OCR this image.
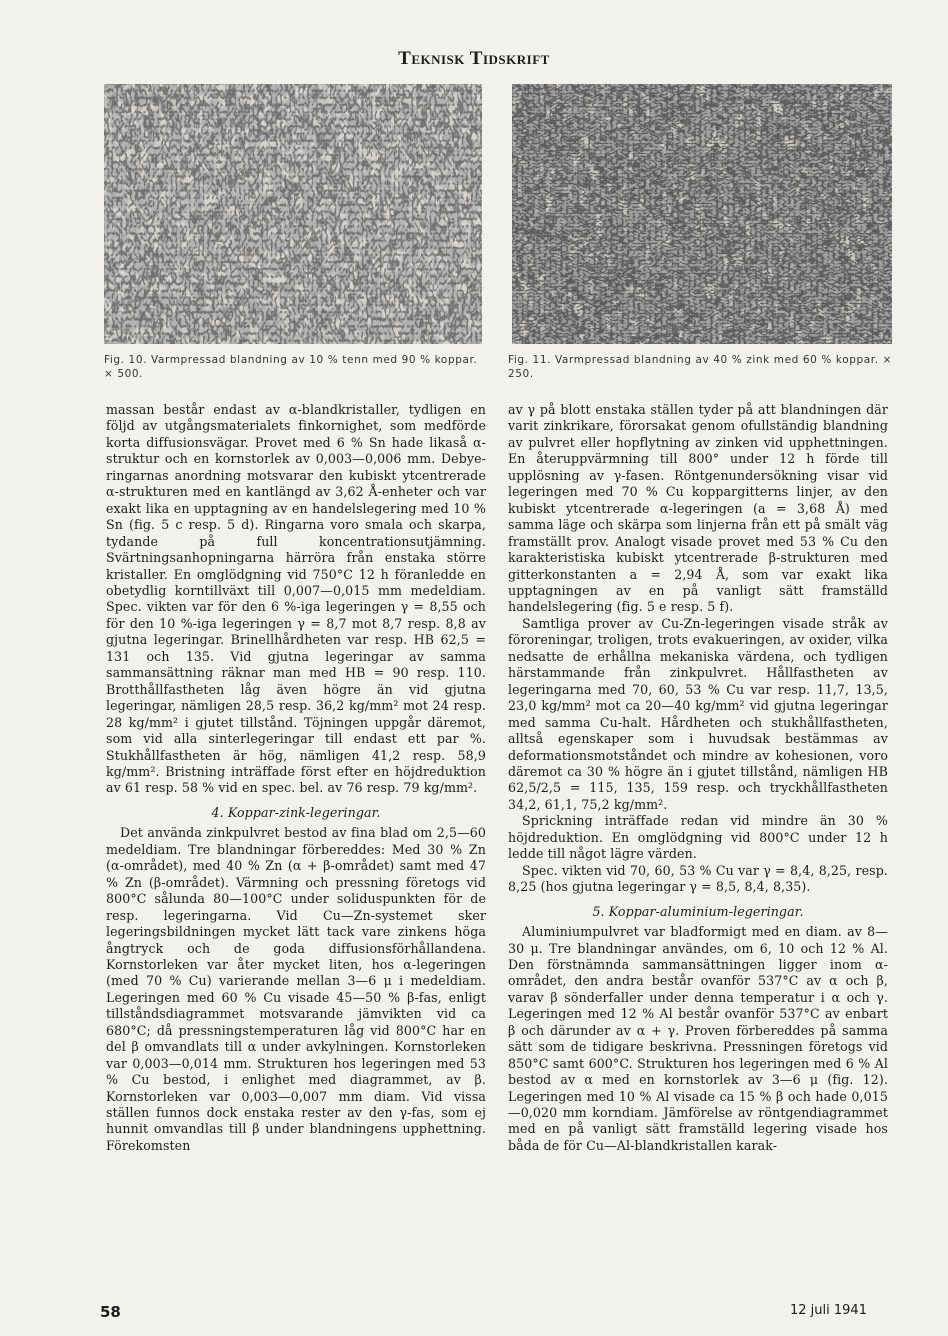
Teknisk Tidskrift
Fig. 10. Varmpressad blandning av 10 % tenn med 90 % koppar. × 500.
Fig. 11. Varmpressad blandning av 40 % zink med 60 % koppar. × 250.

massan består endast av α-blandkristaller, tydligen en följd av utgångsmaterialets finkornighet, som medförde korta diffusionsvägar. Provet med 6 % Sn hade likaså α-struktur och en kornstorlek av 0,003—0,006 mm. Debye-ringarnas anordning motsvarar den kubiskt ytcentrerade α-strukturen med en kantlängd av 3,62 Å-enheter och var exakt lika en upptagning av en handelslegering med 10 % Sn (fig. 5 c resp. 5 d). Ringarna voro smala och skarpa, tydande på full koncentrationsutjämning. Svärtningsanhopningarna härröra från enstaka större kristaller. En omglödgning vid 750°C 12 h föranledde en obetydlig korntillväxt till 0,007—0,015 mm medeldiam. Spec. vikten var för den 6 %-iga legeringen γ = 8,55 och för den 10 %-iga legeringen γ = 8,7 mot 8,7 resp. 8,8 av gjutna legeringar. Brinellhårdheten var resp. HB 62,5 = 131 och 135. Vid gjutna legeringar av samma sammansättning räknar man med HB = 90 resp. 110. Brotthållfastheten låg även högre än vid gjutna legeringar, nämligen 28,5 resp. 36,2 kg/mm² mot 24 resp. 28 kg/mm² i gjutet tillstånd. Töjningen uppgår däremot, som vid alla sinterlegeringar till endast ett par %. Stukhållfastheten är hög, nämligen 41,2 resp. 58,9 kg/mm². Bristning inträffade först efter en höjdreduktion av 61 resp. 58 % vid en spec. bel. av 76 resp. 79 kg/mm².

4. Koppar-zink-legeringar.

Det använda zinkpulvret bestod av fina blad om 2,5—60 medeldiam. Tre blandningar förbereddes: Med 30 % Zn (α-området), med 40 % Zn (α + β-området) samt med 47 % Zn (β-området). Värmning och pressning företogs vid 800°C sålunda 80—100°C under soliduspunkten för de resp. legeringarna. Vid Cu—Zn-systemet sker legeringsbildningen mycket lätt tack vare zinkens höga ångtryck och de goda diffusionsförhållandena. Kornstorleken var åter mycket liten, hos α-legeringen (med 70 % Cu) varierande mellan 3—6 μ i medeldiam. Legeringen med 60 % Cu visade 45—50 % β-fas, enligt tillståndsdiagrammet motsvarande jämvikten vid ca 680°C; då pressningstemperaturen låg vid 800°C har en del β omvandlats till α under avkylningen. Kornstorleken var 0,003—0,014 mm. Strukturen hos legeringen med 53 % Cu bestod, i enlighet med diagrammet, av β. Kornstorleken var 0,003—0,007 mm diam. Vid vissa ställen funnos dock enstaka rester av den γ-fas, som ej hunnit omvandlas till β under blandningens upphettning. Förekomsten

av γ på blott enstaka ställen tyder på att blandningen där varit zinkrikare, förorsakat genom ofullständig blandning av pulvret eller hopflytning av zinken vid upphettningen. En återuppvärmning till 800° under 12 h förde till upplösning av γ-fasen. Röntgenundersökning visar vid legeringen med 70 % Cu koppargitterns linjer, av den kubiskt ytcentrerade α-legeringen (a = 3,68 Å) med samma läge och skärpa som linjerna från ett på smält väg framställt prov. Analogt visade provet med 53 % Cu den karakteristiska kubiskt ytcentrerade β-strukturen med gitterkonstanten a = 2,94 Å, som var exakt lika upptagningen av en på vanligt sätt framställd handelslegering (fig. 5 e resp. 5 f).

Samtliga prover av Cu-Zn-legeringen visade stråk av föroreningar, troligen, trots evakueringen, av oxider, vilka nedsatte de erhållna mekaniska värdena, och tydligen härstammande från zinkpulvret. Hållfastheten av legeringarna med 70, 60, 53 % Cu var resp. 11,7, 13,5, 23,0 kg/mm² mot ca 20—40 kg/mm² vid gjutna legeringar med samma Cu-halt. Hårdheten och stukhållfastheten, alltså egenskaper som i huvudsak bestämmas av deformationsmotståndet och mindre av kohesionen, voro däremot ca 30 % högre än i gjutet tillstånd, nämligen HB 62,5/2,5 = 115, 135, 159 resp. och tryckhållfastheten 34,2, 61,1, 75,2 kg/mm².

Sprickning inträffade redan vid mindre än 30 % höjdreduktion. En omglödgning vid 800°C under 12 h ledde till något lägre värden.

Spec. vikten vid 70, 60, 53 % Cu var γ = 8,4, 8,25, resp. 8,25 (hos gjutna legeringar γ = 8,5, 8,4, 8,35).

5. Koppar-aluminium-legeringar.

Aluminiumpulvret var bladformigt med en diam. av 8—30 μ. Tre blandningar användes, om 6, 10 och 12 % Al. Den förstnämnda sammansättningen ligger inom α-området, den andra består ovanför 537°C av α och β, varav β sönderfaller under denna temperatur i α och γ. Legeringen med 12 % Al består ovanför 537°C av enbart β och därunder av α + γ. Proven förbereddes på samma sätt som de tidigare beskrivna. Pressningen företogs vid 850°C samt 600°C. Strukturen hos legeringen med 6 % Al bestod av α med en kornstorlek av 3—6 μ (fig. 12). Legeringen med 10 % Al visade ca 15 % β och hade 0,015—0,020 mm korndiam. Jämförelse av röntgendiagrammet med en på vanligt sätt framställd legering visade hos båda de för Cu—Al-blandkristallen karak-

58	12 juli 1941
